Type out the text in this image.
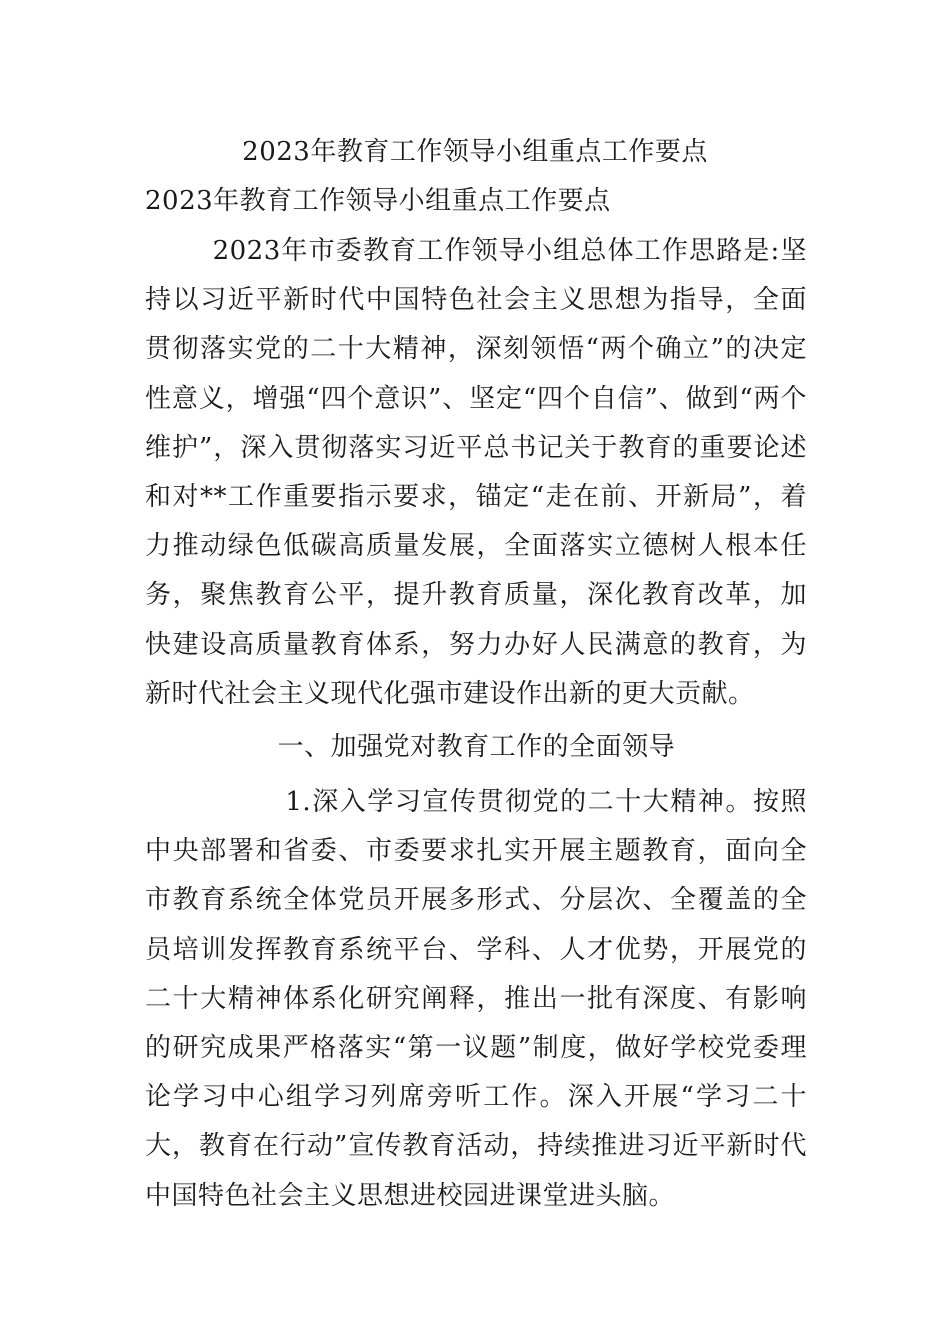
2023年教育工作领导小组重点工作要点
2023年教育工作领导小组重点工作要点

2023年市委教育工作领导小组总体工作思路是:坚持以习近平新时代中国特色社会主义思想为指导，全面贯彻落实党的二十大精神，深刻领悟“两个确立”的决定性意义，增强“四个意识”、坚定“四个自信”、做到“两个维护”，深入贯彻落实习近平总书记关于教育的重要论述和对**工作重要指示要求，锚定“走在前、开新局”，着力推动绿色低碳高质量发展，全面落实立德树人根本任务，聚焦教育公平，提升教育质量，深化教育改革，加快建设高质量教育体系，努力办好人民满意的教育，为新时代社会主义现代化强市建设作出新的更大贡献。

一、加强党对教育工作的全面领导

1.深入学习宣传贯彻党的二十大精神。按照中央部署和省委、市委要求扎实开展主题教育，面向全市教育系统全体党员开展多形式、分层次、全覆盖的全员培训发挥教育系统平台、学科、人才优势，开展党的二十大精神体系化研究阐释，推出一批有深度、有影响的研究成果严格落实“第一议题”制度，做好学校党委理论学习中心组学习列席旁听工作。深入开展“学习二十大，教育在行动”宣传教育活动，持续推进习近平新时代中国特色社会主义思想进校园进课堂进头脑。
